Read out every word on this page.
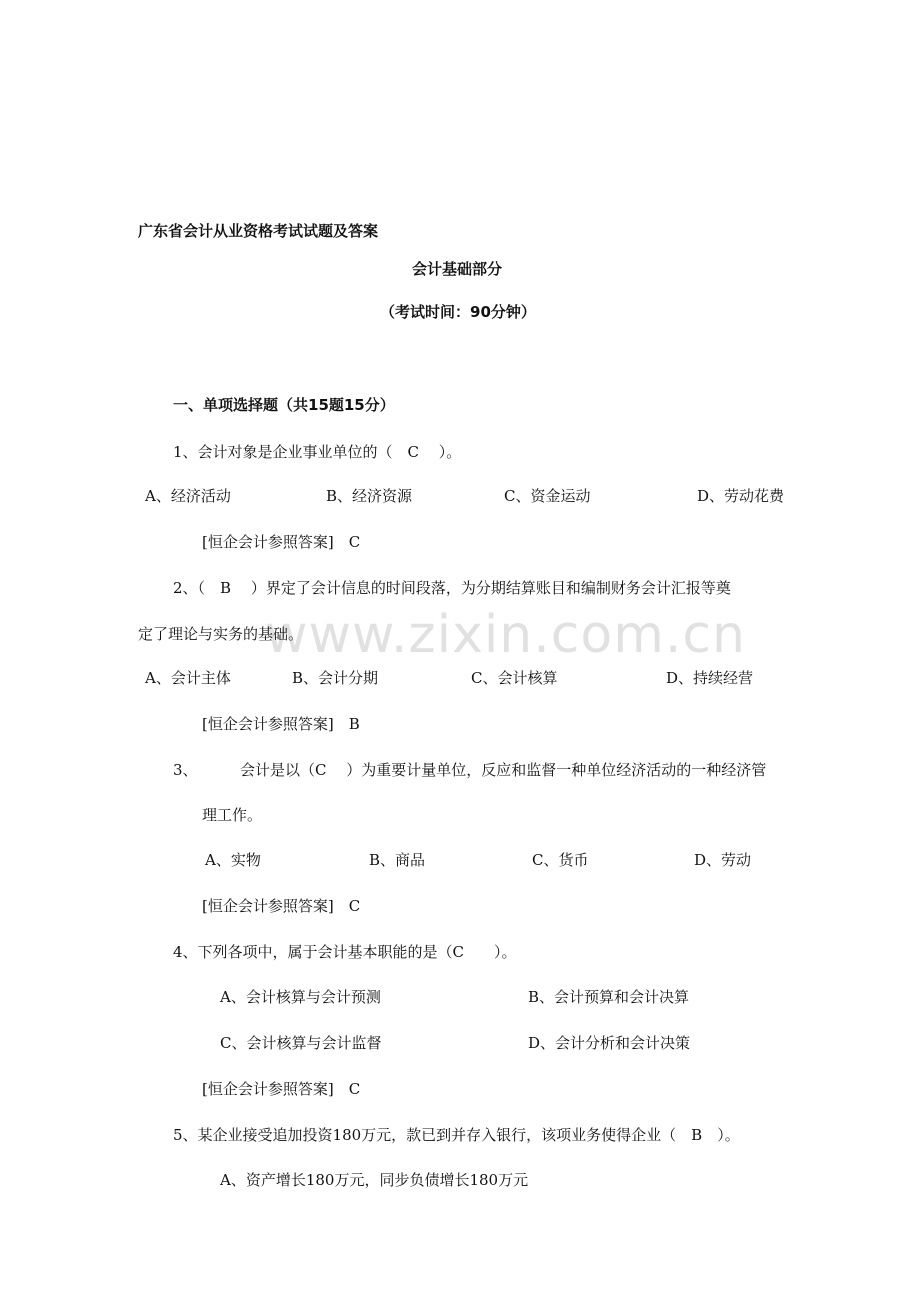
www.zixin.com.cn
广东省会计从业资格考试试题及答案
会计基础部分
（考试时间：90分钟）
一、单项选择题（共15题15分）
1、会计对象是企业事业单位的（　C　 ）。
A、经济活动	B、经济资源	C、资金运动	D、劳动花费
[恒企会计参照答案]　C
2、（　B　 ）界定了会计信息的时间段落，为分期结算账目和编制财务会计汇报等奠
定了理论与实务的基础。
A、会计主体	B、会计分期	C、会计核算	D、持续经营
[恒企会计参照答案]　B
3、	会计是以（C　 ）为重要计量单位，反应和监督一种单位经济活动的一种经济管
理工作。
A、实物	B、商品	C、货币	D、劳动
[恒企会计参照答案]　C
4、下列各项中，属于会计基本职能的是（C　　）。
A、会计核算与会计预测	B、会计预算和会计决算
C、会计核算与会计监督	D、会计分析和会计决策
[恒企会计参照答案]　C
5、某企业接受追加投资180万元，款已到并存入银行，该项业务使得企业（　B　）。
A、资产增长180万元，同步负债增长180万元
